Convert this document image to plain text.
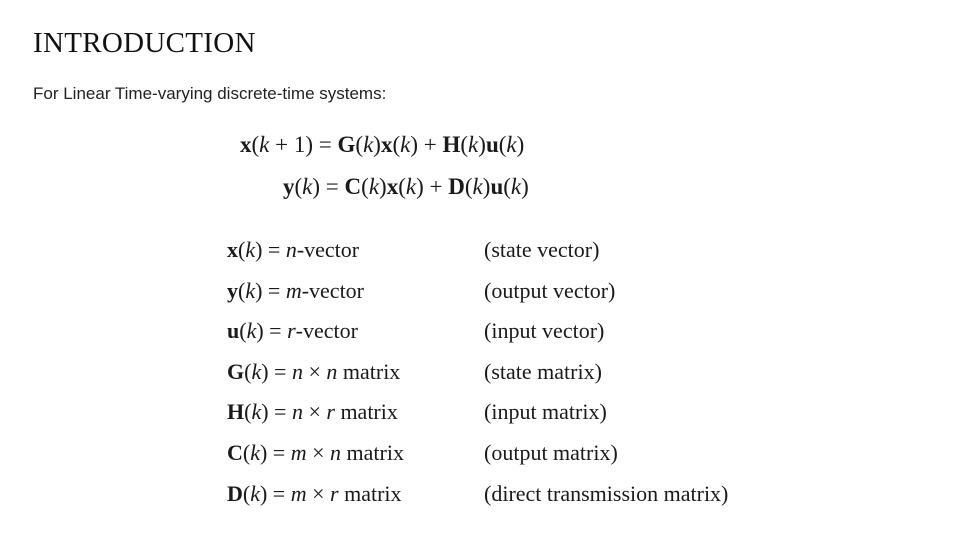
INTRODUCTION
For Linear Time-varying discrete-time systems:
x(k + 1) = G(k)x(k) + H(k)u(k)
y(k) = C(k)x(k) + D(k)u(k)
x(k) = n-vector	(state vector)
y(k) = m-vector	(output vector)
u(k) = r-vector	(input vector)
G(k) = n × n matrix	(state matrix)
H(k) = n × r matrix	(input matrix)
C(k) = m × n matrix	(output matrix)
D(k) = m × r matrix	(direct transmission matrix)
